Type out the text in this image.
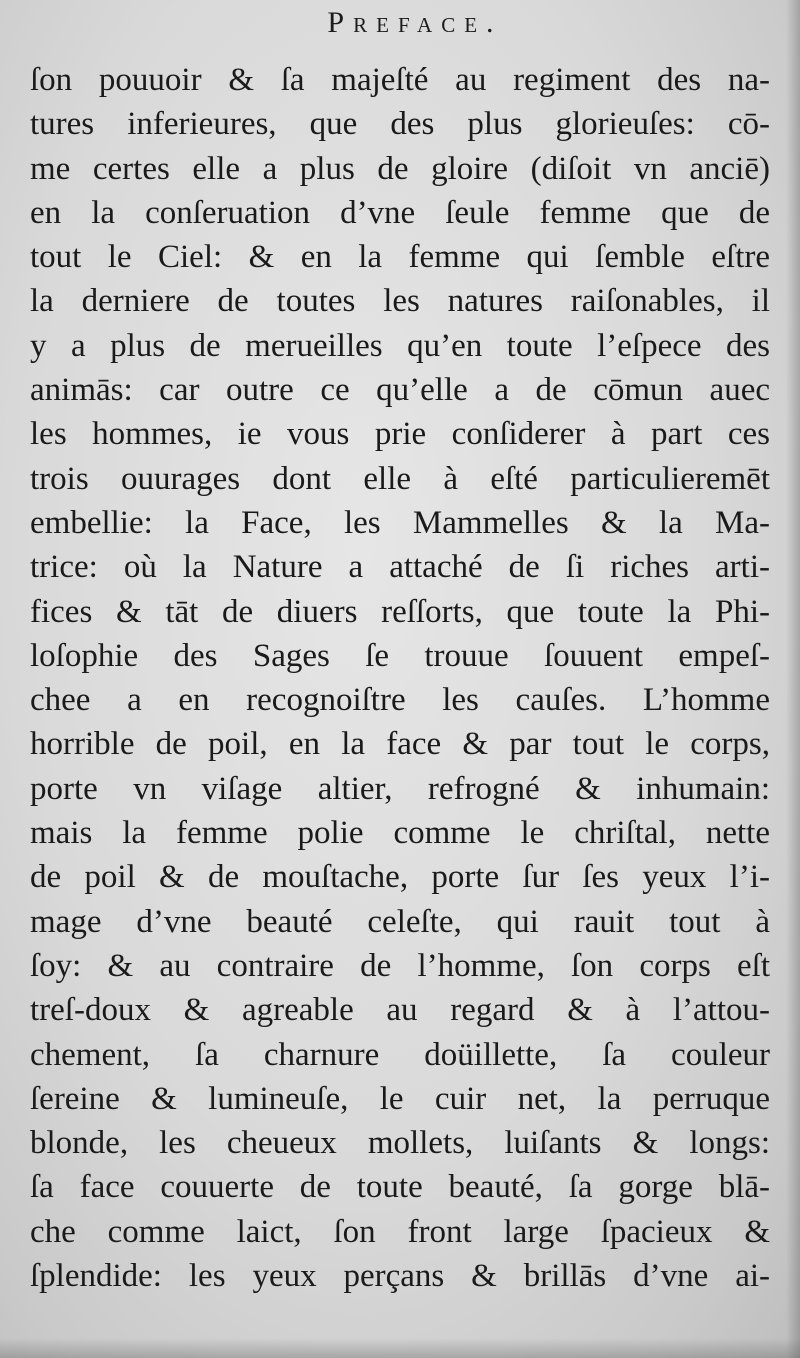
Preface.
ſon pouuoir & ſa majeſté au regiment des na-
tures inferieures, que des plus glorieuſes: cō-
me certes elle a plus de gloire (diſoit vn anciē)
en la conſeruation d’vne ſeule femme que de
tout le Ciel: & en la femme qui ſemble eſtre
la derniere de toutes les natures raiſonables, il
y a plus de merueilles qu’en toute l’eſpece des
animās: car outre ce qu’elle a de cōmun auec
les hommes, ie vous prie conſiderer à part ces
trois ouurages dont elle à eſté particulieremēt
embellie: la Face, les Mammelles & la Ma-
trice: où la Nature a attaché de ſi riches arti-
fices & tāt de diuers reſſorts, que toute la Phi-
loſophie des Sages ſe trouue ſouuent empeſ-
chee a en recognoiſtre les cauſes. L’homme
horrible de poil, en la face & par tout le corps,
porte vn viſage altier, refrogné & inhumain:
mais la femme polie comme le chriſtal, nette
de poil & de mouſtache, porte ſur ſes yeux l’i-
mage d’vne beauté celeſte, qui rauit tout à
ſoy: & au contraire de l’homme, ſon corps eſt
treſ-doux & agreable au regard & à l’attou-
chement, ſa charnure doüillette, ſa couleur
ſereine & lumineuſe, le cuir net, la perruque
blonde, les cheueux mollets, luiſants & longs:
ſa face couuerte de toute beauté, ſa gorge blā-
che comme laict, ſon front large ſpacieux &
ſplendide: les yeux perçans & brillās d’vne ai-
